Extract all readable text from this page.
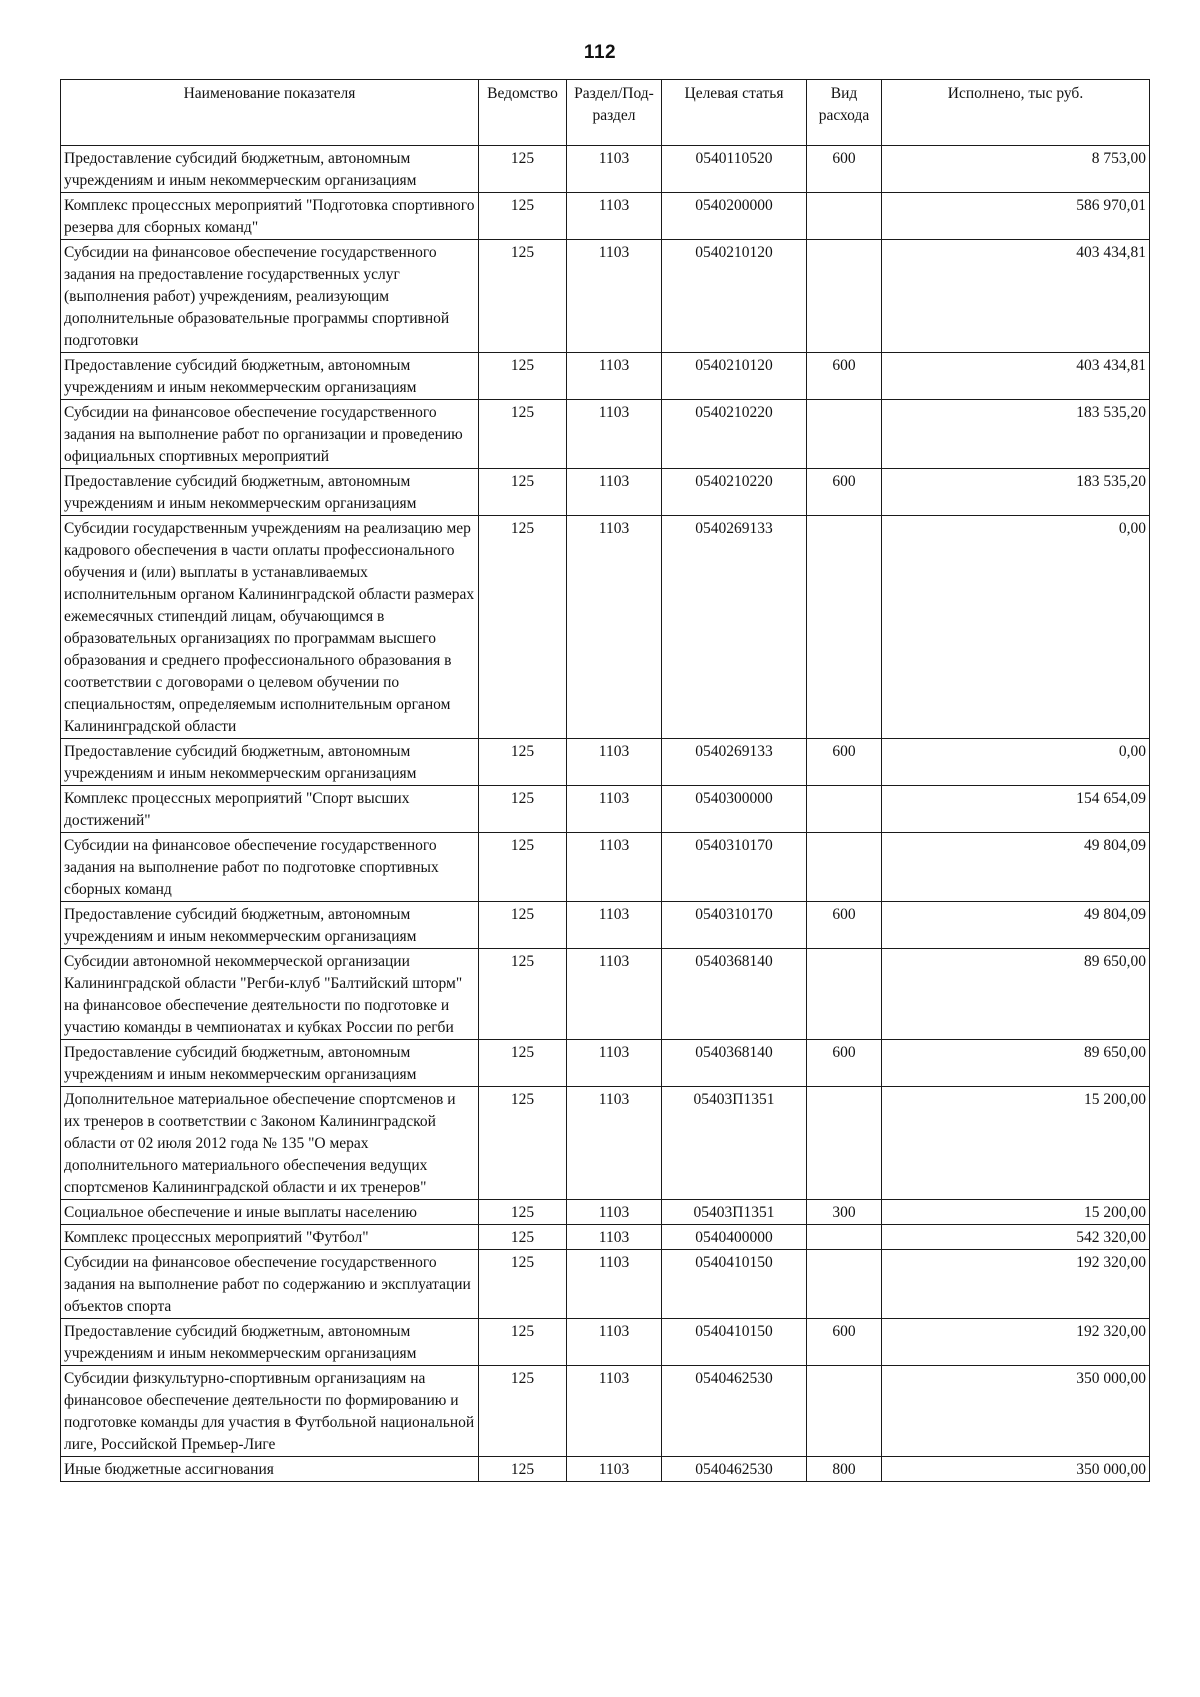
112
Наименование показателя	Ведомство	Раздел/Под-раздел	Целевая статья	Вид расхода	Исполнено, тыс руб.
Предоставление субсидий бюджетным, автономным учреждениям и иным некоммерческим организациям	125	1103	0540110520	600	8 753,00
Комплекс процессных мероприятий "Подготовка спортивного резерва для сборных команд"	125	1103	0540200000		586 970,01
Субсидии на финансовое обеспечение государственного задания на предоставление государственных услуг (выполнения работ) учреждениям, реализующим дополнительные образовательные программы спортивной подготовки	125	1103	0540210120		403 434,81
Предоставление субсидий бюджетным, автономным учреждениям и иным некоммерческим организациям	125	1103	0540210120	600	403 434,81
Субсидии на финансовое обеспечение государственного задания на выполнение работ по организации и проведению официальных спортивных мероприятий	125	1103	0540210220		183 535,20
Предоставление субсидий бюджетным, автономным учреждениям и иным некоммерческим организациям	125	1103	0540210220	600	183 535,20
Субсидии государственным учреждениям на реализацию мер кадрового обеспечения в части оплаты профессионального обучения и (или) выплаты в устанавливаемых исполнительным органом Калининградской области размерах ежемесячных стипендий лицам, обучающимся в образовательных организациях по программам высшего образования и среднего профессионального образования в соответствии с договорами о целевом обучении по специальностям, определяемым исполнительным органом Калининградской области	125	1103	0540269133		0,00
Предоставление субсидий бюджетным, автономным учреждениям и иным некоммерческим организациям	125	1103	0540269133	600	0,00
Комплекс процессных мероприятий "Спорт высших достижений"	125	1103	0540300000		154 654,09
Субсидии на финансовое обеспечение государственного задания на выполнение работ по подготовке спортивных сборных команд	125	1103	0540310170		49 804,09
Предоставление субсидий бюджетным, автономным учреждениям и иным некоммерческим организациям	125	1103	0540310170	600	49 804,09
Субсидии автономной некоммерческой организации Калининградской области "Регби-клуб "Балтийский шторм" на финансовое обеспечение деятельности по подготовке и участию команды в чемпионатах и кубках России по регби	125	1103	0540368140		89 650,00
Предоставление субсидий бюджетным, автономным учреждениям и иным некоммерческим организациям	125	1103	0540368140	600	89 650,00
Дополнительное материальное обеспечение спортсменов и их тренеров в соответствии с Законом Калининградской области от 02 июля 2012 года № 135 "О мерах дополнительного материального обеспечения ведущих спортсменов Калининградской области и их тренеров"	125	1103	05403П1351		15 200,00
Социальное обеспечение и иные выплаты населению	125	1103	05403П1351	300	15 200,00
Комплекс процессных мероприятий "Футбол"	125	1103	0540400000		542 320,00
Субсидии на финансовое обеспечение государственного задания на выполнение работ по содержанию и эксплуатации объектов спорта	125	1103	0540410150		192 320,00
Предоставление субсидий бюджетным, автономным учреждениям и иным некоммерческим организациям	125	1103	0540410150	600	192 320,00
Субсидии физкультурно-спортивным организациям на финансовое обеспечение деятельности по формированию и подготовке команды для участия в Футбольной национальной лиге, Российской Премьер-Лиге	125	1103	0540462530		350 000,00
Иные бюджетные ассигнования	125	1103	0540462530	800	350 000,00
